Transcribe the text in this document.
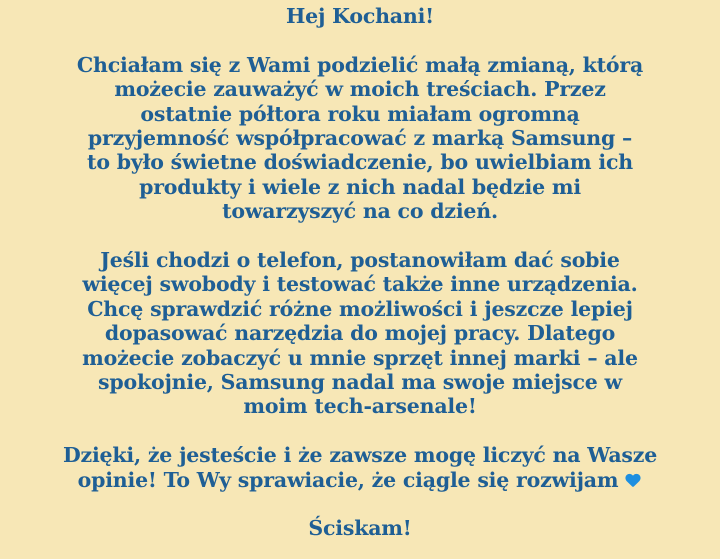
Hej Kochani!

Chciałam się z Wami podzielić małą zmianą, którą

możecie zauważyć w moich treściach. Przez

ostatnie półtora roku miałam ogromną

przyjemność współpracować z marką Samsung –

to było świetne doświadczenie, bo uwielbiam ich

produkty i wiele z nich nadal będzie mi

towarzyszyć na co dzień.

Jeśli chodzi o telefon, postanowiłam dać sobie

więcej swobody i testować także inne urządzenia.

Chcę sprawdzić różne możliwości i jeszcze lepiej

dopasować narzędzia do mojej pracy. Dlatego

możecie zobaczyć u mnie sprzęt innej marki – ale

spokojnie, Samsung nadal ma swoje miejsce w

moim tech-arsenale!

Dzięki, że jesteście i że zawsze mogę liczyć na Wasze

opinie! To Wy sprawiacie, że ciągle się rozwijam

Ściskam!
